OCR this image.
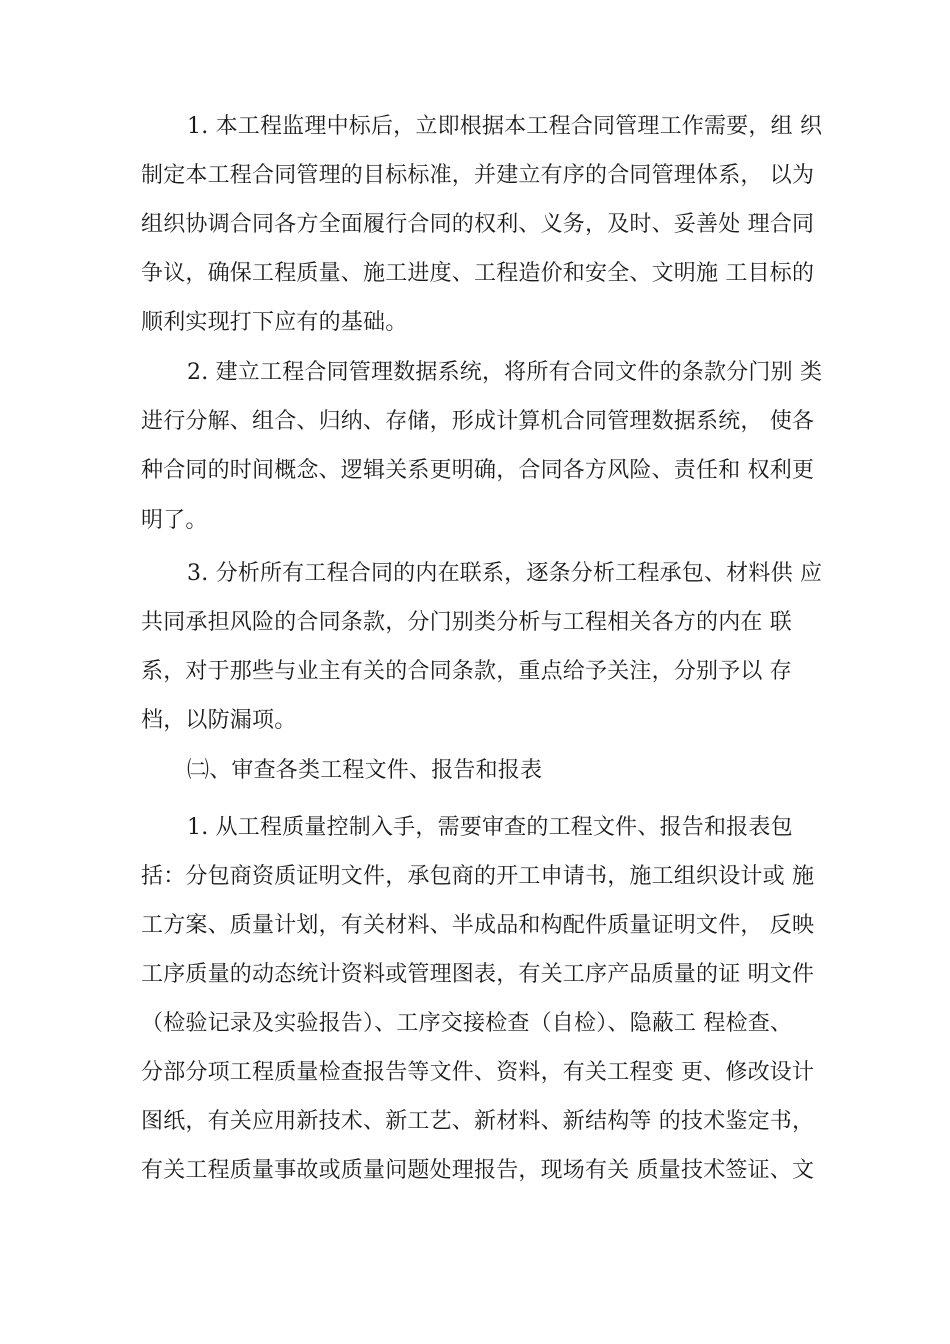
1. 本工程监理中标后，立即根据本工程合同管理工作需要，组 织
制定本工程合同管理的目标标准，并建立有序的合同管理体系， 以为
组织协调合同各方全面履行合同的权利、义务，及时、妥善处 理合同
争议，确保工程质量、施工进度、工程造价和安全、文明施 工目标的
顺利实现打下应有的基础。
2. 建立工程合同管理数据系统，将所有合同文件的条款分门别 类
进行分解、组合、归纳、存储，形成计算机合同管理数据系统， 使各
种合同的时间概念、逻辑关系更明确，合同各方风险、责任和 权利更
明了。
3. 分析所有工程合同的内在联系，逐条分析工程承包、材料供 应
共同承担风险的合同条款，分门别类分析与工程相关各方的内在 联
系，对于那些与业主有关的合同条款，重点给予关注，分别予以 存
档，以防漏项。
㈡、审查各类工程文件、报告和报表
1. 从工程质量控制入手，需要审查的工程文件、报告和报表包
括：分包商资质证明文件，承包商的开工申请书，施工组织设计或 施
工方案、质量计划，有关材料、半成品和构配件质量证明文件， 反映
工序质量的动态统计资料或管理图表，有关工序产品质量的证 明文件
（检验记录及实验报告）、工序交接检查（自检）、隐蔽工 程检查、
分部分项工程质量检查报告等文件、资料，有关工程变 更、修改设计
图纸，有关应用新技术、新工艺、新材料、新结构等 的技术鉴定书，
有关工程质量事故或质量问题处理报告，现场有关 质量技术签证、文
